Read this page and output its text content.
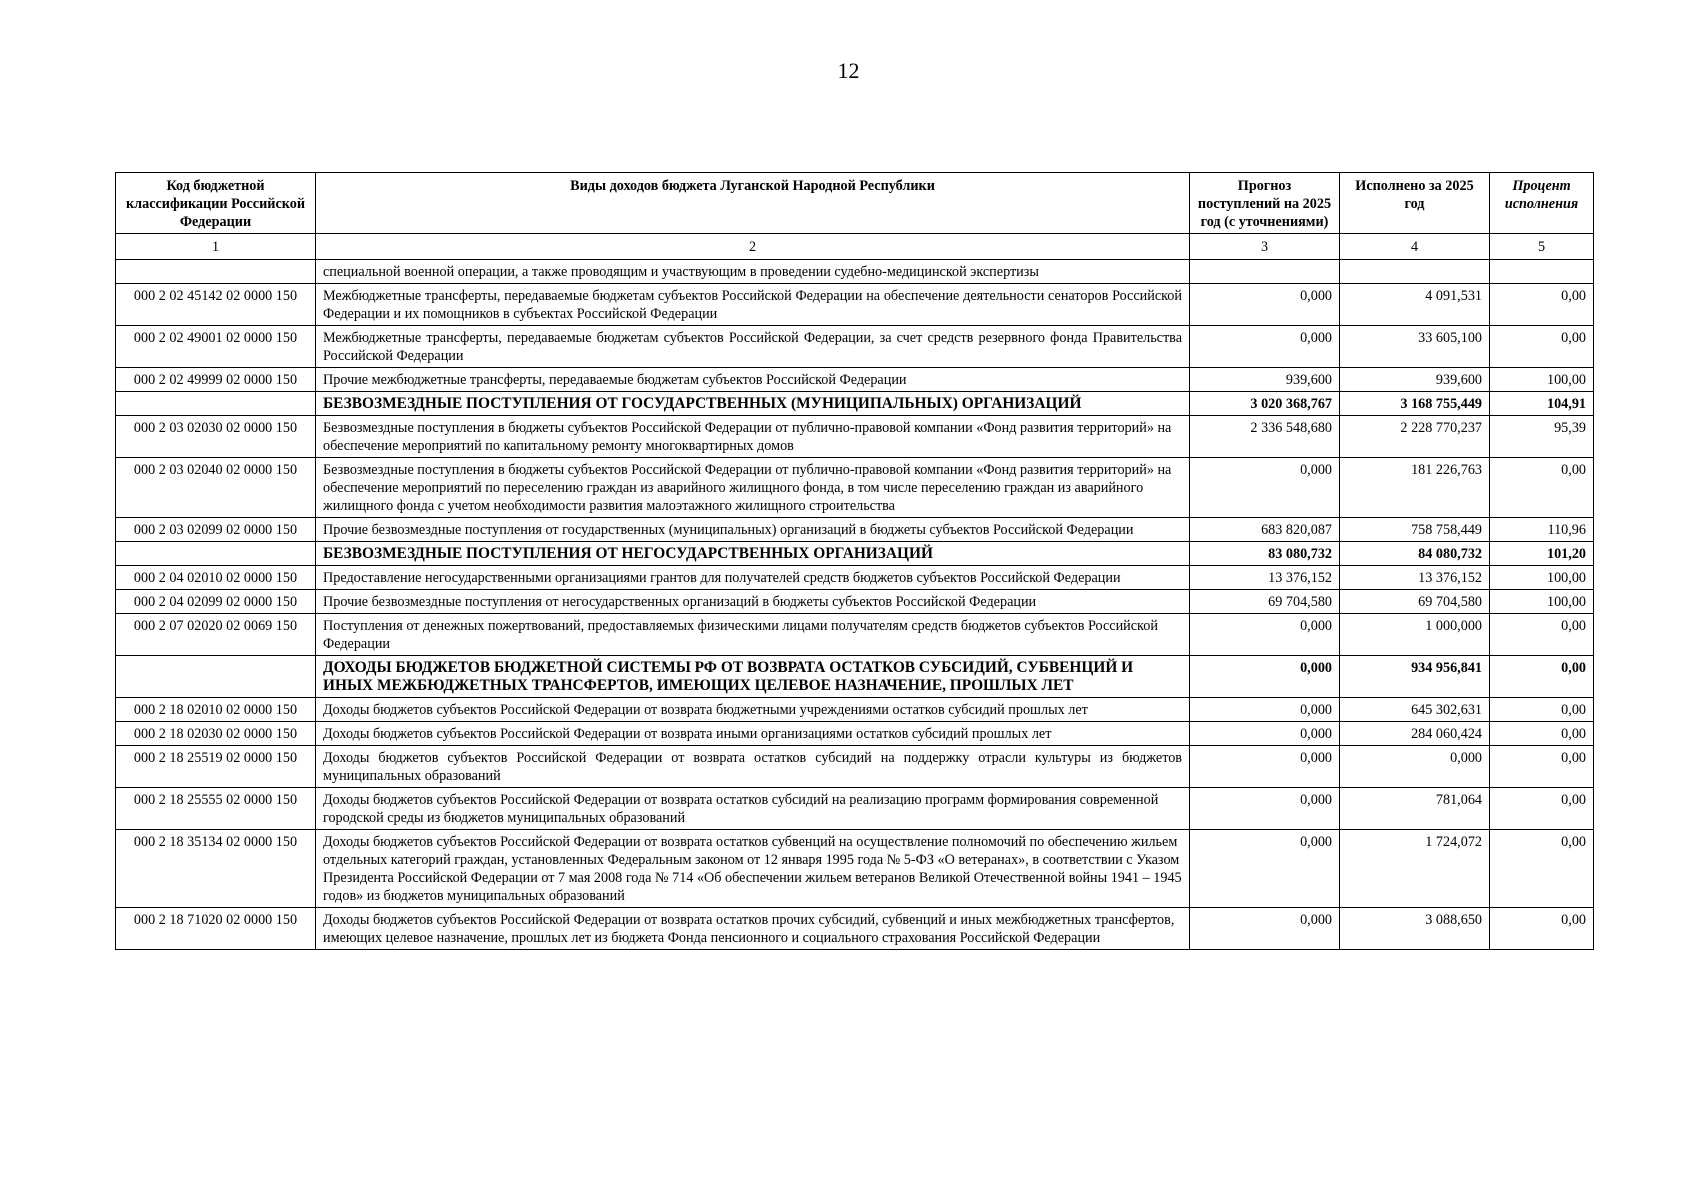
12
Код бюджетной классификации Российской Федерации	Виды доходов бюджета Луганской Народной Республики	Прогноз поступлений на 2025 год (с уточнениями)	Исполнено за 2025 год	Процент исполнения
1	2	3	4	5
	специальной военной операции, а также проводящим и участвующим в проведении судебно-медицинской экспертизы			
000 2 02 45142 02 0000 150	Межбюджетные трансферты, передаваемые бюджетам субъектов Российской Федерации на обеспечение деятельности сенаторов Российской Федерации и их помощников в субъектах Российской Федерации	0,000	4 091,531	0,00
000 2 02 49001 02 0000 150	Межбюджетные трансферты, передаваемые бюджетам субъектов Российской Федерации, за счет средств резервного фонда Правительства Российской Федерации	0,000	33 605,100	0,00
000 2 02 49999 02 0000 150	Прочие межбюджетные трансферты, передаваемые бюджетам субъектов Российской Федерации	939,600	939,600	100,00
	БЕЗВОЗМЕЗДНЫЕ ПОСТУПЛЕНИЯ ОТ ГОСУДАРСТВЕННЫХ (МУНИЦИПАЛЬНЫХ) ОРГАНИЗАЦИЙ	3 020 368,767	3 168 755,449	104,91
000 2 03 02030 02 0000 150	Безвозмездные поступления в бюджеты субъектов Российской Федерации от публично-правовой компании «Фонд развития территорий» на обеспечение мероприятий по капитальному ремонту многоквартирных домов	2 336 548,680	2 228 770,237	95,39
000 2 03 02040 02 0000 150	Безвозмездные поступления в бюджеты субъектов Российской Федерации от публично-правовой компании «Фонд развития территорий» на обеспечение мероприятий по переселению граждан из аварийного жилищного фонда, в том числе переселению граждан из аварийного жилищного фонда с учетом необходимости развития малоэтажного жилищного строительства	0,000	181 226,763	0,00
000 2 03 02099 02 0000 150	Прочие безвозмездные поступления от государственных (муниципальных) организаций в бюджеты субъектов Российской Федерации	683 820,087	758 758,449	110,96
	БЕЗВОЗМЕЗДНЫЕ ПОСТУПЛЕНИЯ ОТ НЕГОСУДАРСТВЕННЫХ ОРГАНИЗАЦИЙ	83 080,732	84 080,732	101,20
000 2 04 02010 02 0000 150	Предоставление негосударственными организациями грантов для получателей средств бюджетов субъектов Российской Федерации	13 376,152	13 376,152	100,00
000 2 04 02099 02 0000 150	Прочие безвозмездные поступления от негосударственных организаций в бюджеты субъектов Российской Федерации	69 704,580	69 704,580	100,00
000 2 07 02020 02 0069 150	Поступления от денежных пожертвований, предоставляемых физическими лицами получателям средств бюджетов субъектов Российской Федерации	0,000	1 000,000	0,00
	ДОХОДЫ БЮДЖЕТОВ БЮДЖЕТНОЙ СИСТЕМЫ РФ ОТ ВОЗВРАТА ОСТАТКОВ СУБСИДИЙ, СУБВЕНЦИЙ И ИНЫХ МЕЖБЮДЖЕТНЫХ ТРАНСФЕРТОВ, ИМЕЮЩИХ ЦЕЛЕВОЕ НАЗНАЧЕНИЕ, ПРОШЛЫХ ЛЕТ	0,000	934 956,841	0,00
000 2 18 02010 02 0000 150	Доходы бюджетов субъектов Российской Федерации от возврата бюджетными учреждениями остатков субсидий прошлых лет	0,000	645 302,631	0,00
000 2 18 02030 02 0000 150	Доходы бюджетов субъектов Российской Федерации от возврата иными организациями остатков субсидий прошлых лет	0,000	284 060,424	0,00
000 2 18 25519 02 0000 150	Доходы бюджетов субъектов Российской Федерации от возврата остатков субсидий на поддержку отрасли культуры из бюджетов муниципальных образований	0,000	0,000	0,00
000 2 18 25555 02 0000 150	Доходы бюджетов субъектов Российской Федерации от возврата остатков субсидий на реализацию программ формирования современной городской среды из бюджетов муниципальных образований	0,000	781,064	0,00
000 2 18 35134 02 0000 150	Доходы бюджетов субъектов Российской Федерации от возврата остатков субвенций на осуществление полномочий по обеспечению жильем отдельных категорий граждан, установленных Федеральным законом от 12 января 1995 года № 5-ФЗ «О ветеранах», в соответствии с Указом Президента Российской Федерации от 7 мая 2008 года № 714 «Об обеспечении жильем ветеранов Великой Отечественной войны 1941 – 1945 годов» из бюджетов муниципальных образований	0,000	1 724,072	0,00
000 2 18 71020 02 0000 150	Доходы бюджетов субъектов Российской Федерации от возврата остатков прочих субсидий, субвенций и иных межбюджетных трансфертов, имеющих целевое назначение, прошлых лет из бюджета Фонда пенсионного и социального страхования Российской Федерации	0,000	3 088,650	0,00
